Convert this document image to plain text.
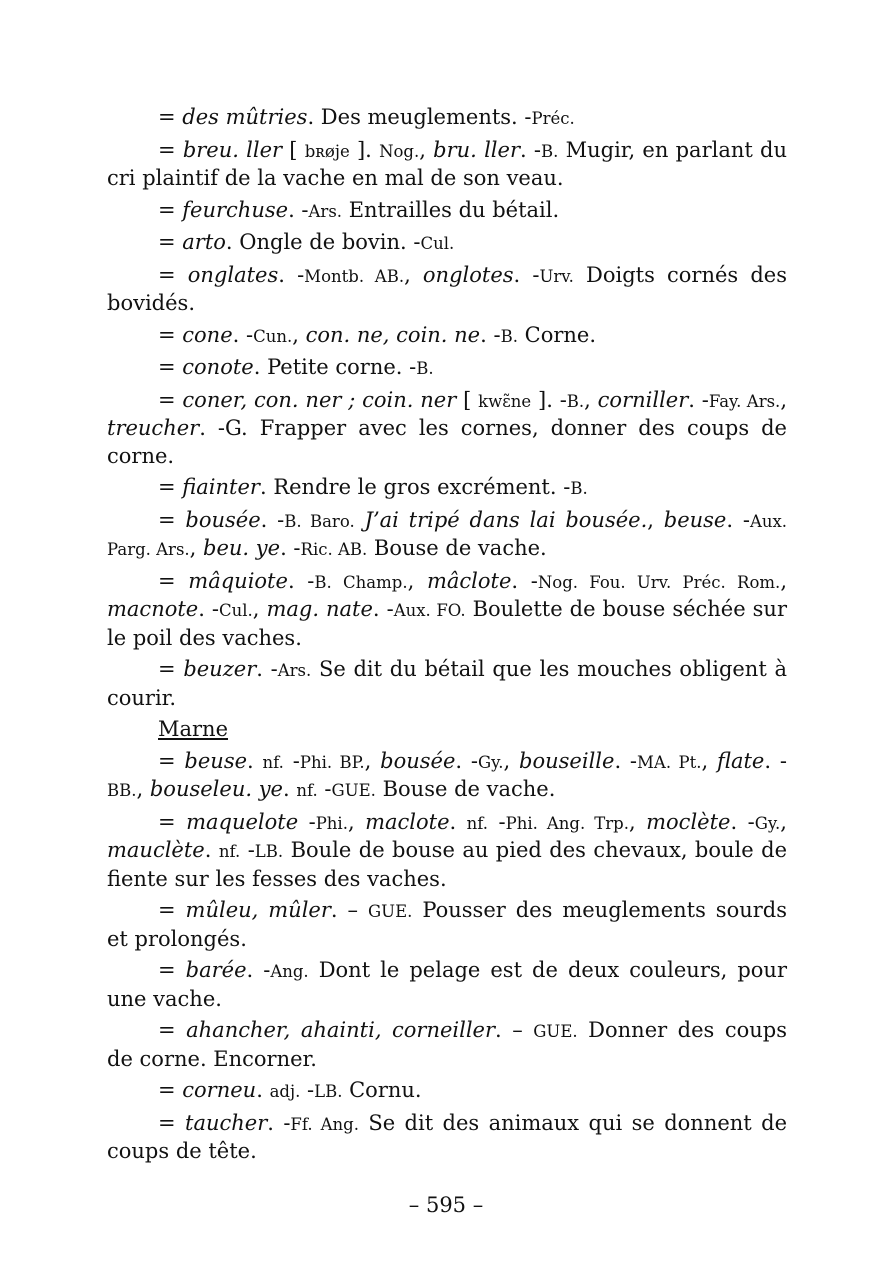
= des mûtries. Des meuglements. -Préc.

= breu. ller [ bʀøje ]. Nog., bru. ller. -B. Mugir, en parlant du cri plaintif de la vache en mal de son veau.

= feurchuse. -Ars. Entrailles du bétail.

= arto. Ongle de bovin. -Cul.

= onglates. -Montb. AB., onglotes. -Urv. Doigts cornés des bovidés.

= cone. -Cun., con. ne, coin. ne. -B. Corne.

= conote. Petite corne. -B.

= coner, con. ner ; coin. ner [ kwɛ̃ne ]. -B., corniller. -Fay. Ars., treucher. -G. Frapper avec les cornes, donner des coups de corne.

= fiainter. Rendre le gros excrément. -B.

= bousée. -B. Baro. J’ai tripé dans lai bousée., beuse. -Aux. Parg. Ars., beu. ye. -Ric. AB. Bouse de vache.

= mâquiote. -B. Champ., mâclote. -Nog. Fou. Urv. Préc. Rom., macnote. -Cul., mag. nate. -Aux. FO. Boulette de bouse séchée sur le poil des vaches.

= beuzer. -Ars. Se dit du bétail que les mouches obligent à courir.

Marne

= beuse. nf. -Phi. BP., bousée. -Gy., bouseille. -MA. Pt., flate. -BB., bouseleu. ye. nf. -GUE. Bouse de vache.

= maquelote -Phi., maclote. nf. -Phi. Ang. Trp., moclète. -Gy., mauclète. nf. -LB. Boule de bouse au pied des chevaux, boule de fiente sur les fesses des vaches.

= mûleu, mûler. – GUE. Pousser des meuglements sourds et prolongés.

= barée. -Ang. Dont le pelage est de deux couleurs, pour une vache.

= ahancher, ahainti, corneiller. – GUE. Donner des coups de corne. Encorner.

= corneu. adj. -LB. Cornu.

= taucher. -Ff. Ang. Se dit des animaux qui se donnent de coups de tête.

– 595 –
